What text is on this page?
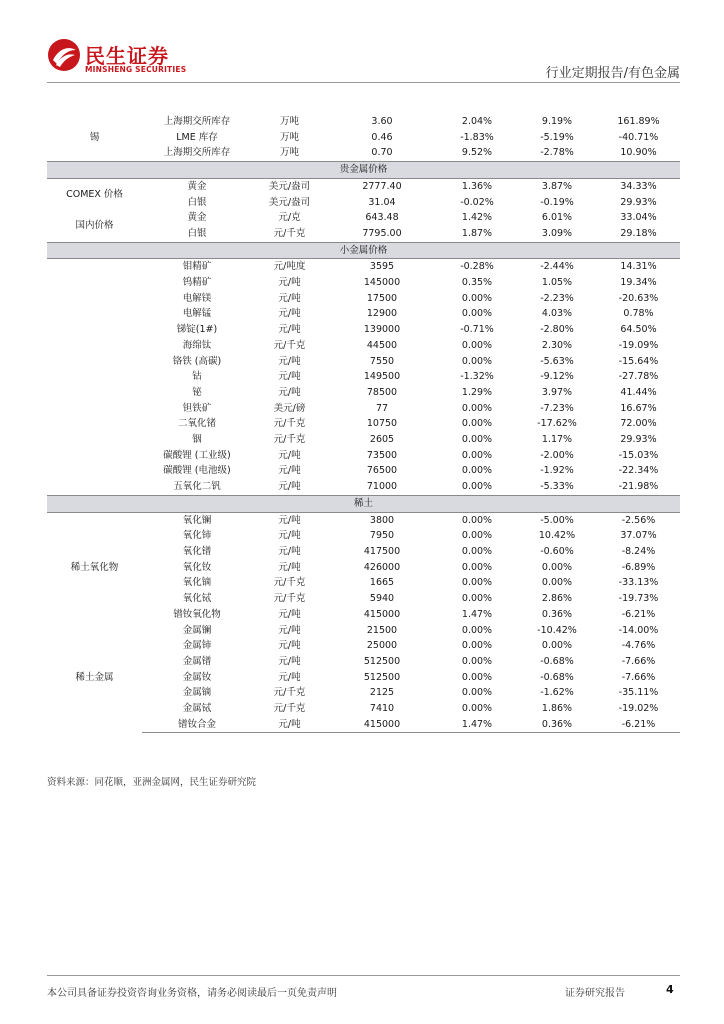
民生证券
MINSHENG SECURITIES	行业定期报告/有色金属
锡	上海期交所库存	万吨	3.60	2.04%	9.19%	161.89%
	LME 库存	万吨	0.46	-1.83%	-5.19%	-40.71%
	上海期交所库存	万吨	0.70	9.52%	-2.78%	10.90%
贵金属价格						
COMEX 价格	黄金	美元/盎司	2777.40	1.36%	3.87%	34.33%
	白银	美元/盎司	31.04	-0.02%	-0.19%	29.93%
国内价格	黄金	元/克	643.48	1.42%	6.01%	33.04%
	白银	元/千克	7795.00	1.87%	3.09%	29.18%
小金属价格						
	钼精矿	元/吨度	3595	-0.28%	-2.44%	14.31%
	钨精矿	元/吨	145000	0.35%	1.05%	19.34%
	电解镁	元/吨	17500	0.00%	-2.23%	-20.63%
	电解锰	元/吨	12900	0.00%	4.03%	0.78%
	锑锭(1#)	元/吨	139000	-0.71%	-2.80%	64.50%
	海绵钛	元/千克	44500	0.00%	2.30%	-19.09%
	铬铁 (高碳)	元/吨	7550	0.00%	-5.63%	-15.64%
	钴	元/吨	149500	-1.32%	-9.12%	-27.78%
	铋	元/吨	78500	1.29%	3.97%	41.44%
	钽铁矿	美元/磅	77	0.00%	-7.23%	16.67%
	二氧化锗	元/千克	10750	0.00%	-17.62%	72.00%
	铟	元/千克	2605	0.00%	1.17%	29.93%
	碳酸锂 (工业级)	元/吨	73500	0.00%	-2.00%	-15.03%
	碳酸锂 (电池级)	元/吨	76500	0.00%	-1.92%	-22.34%
	五氧化二钒	元/吨	71000	0.00%	-5.33%	-21.98%
稀土						
稀土氧化物	氧化镧	元/吨	3800	0.00%	-5.00%	-2.56%
	氧化铈	元/吨	7950	0.00%	10.42%	37.07%
	氧化镨	元/吨	417500	0.00%	-0.60%	-8.24%
	氧化钕	元/吨	426000	0.00%	0.00%	-6.89%
	氧化镝	元/千克	1665	0.00%	0.00%	-33.13%
	氧化铽	元/千克	5940	0.00%	2.86%	-19.73%
	镨钕氧化物	元/吨	415000	1.47%	0.36%	-6.21%
稀土金属	金属镧	元/吨	21500	0.00%	-10.42%	-14.00%
	金属铈	元/吨	25000	0.00%	0.00%	-4.76%
	金属镨	元/吨	512500	0.00%	-0.68%	-7.66%
	金属钕	元/吨	512500	0.00%	-0.68%	-7.66%
	金属镝	元/千克	2125	0.00%	-1.62%	-35.11%
	金属铽	元/千克	7410	0.00%	1.86%	-19.02%
	镨钕合金	元/吨	415000	1.47%	0.36%	-6.21%
资料来源：同花顺，亚洲金属网，民生证券研究院
本公司具备证券投资咨询业务资格，请务必阅读最后一页免责声明	证券研究报告	4
